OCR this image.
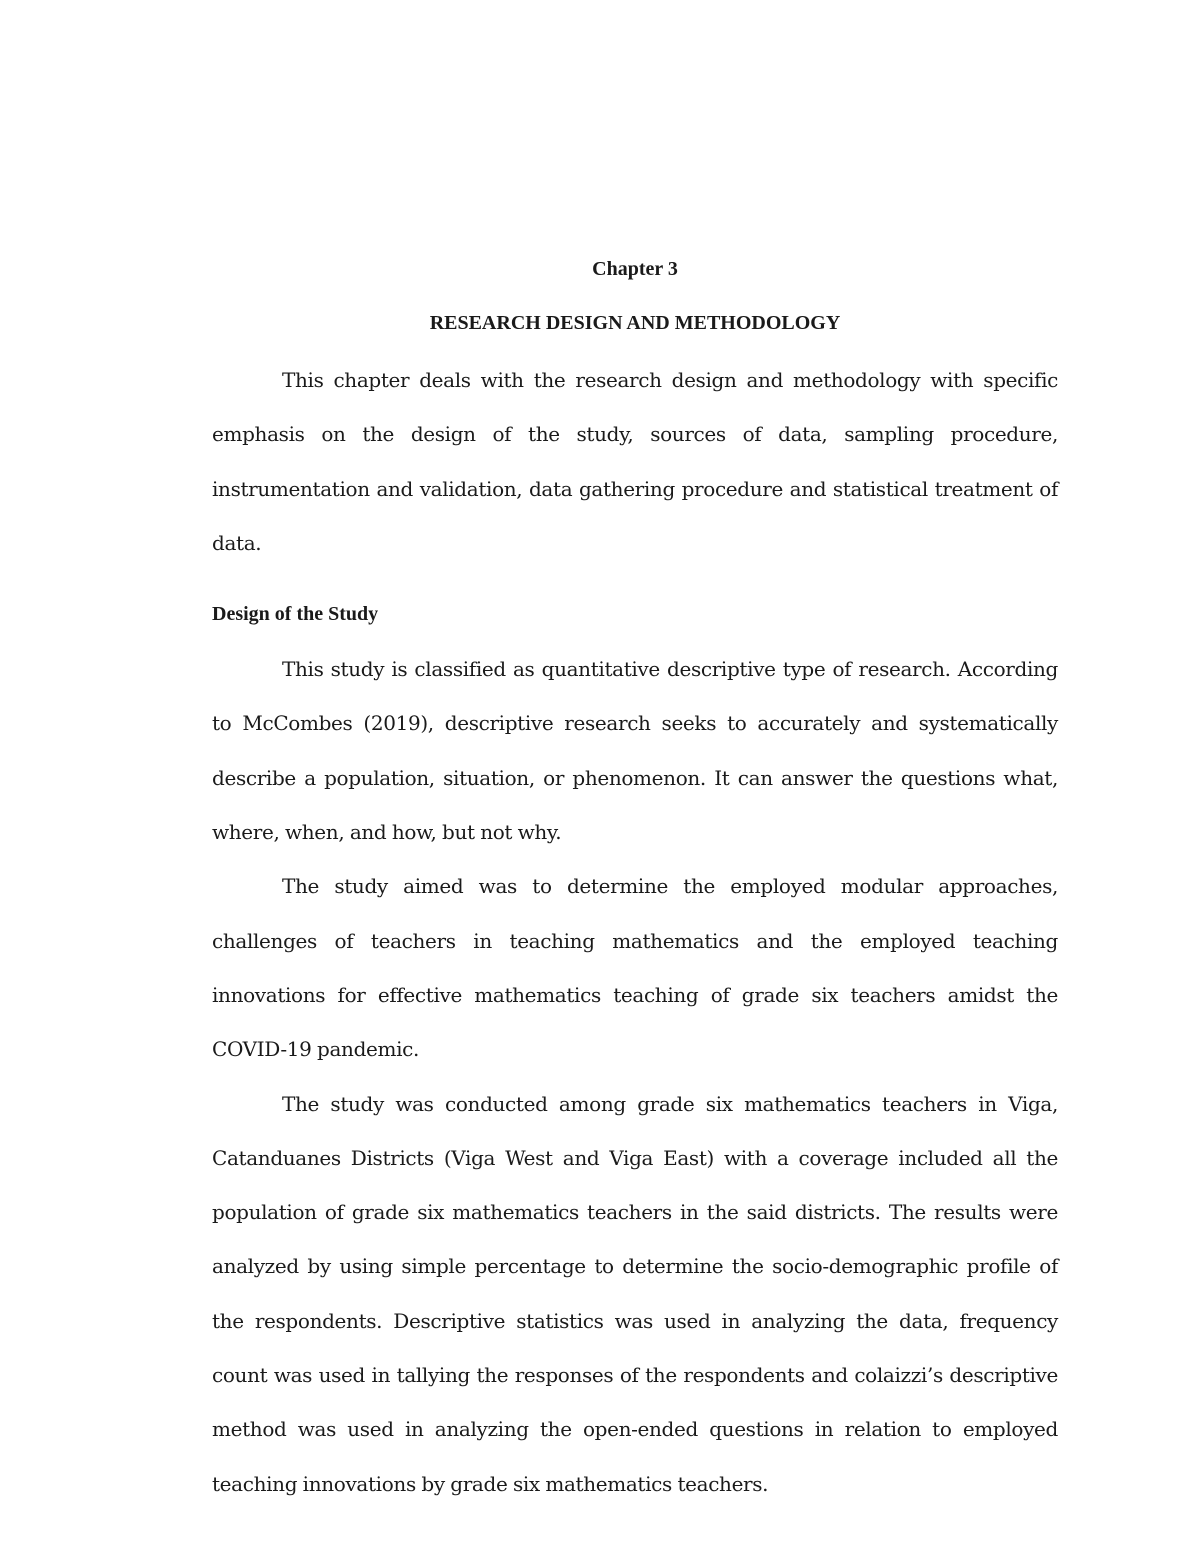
Chapter 3
RESEARCH DESIGN AND METHODOLOGY

This chapter deals with the research design and methodology with specific emphasis on the design of the study, sources of data, sampling procedure, instrumentation and validation, data gathering procedure and statistical treatment of data.

Design of the Study

This study is classified as quantitative descriptive type of research. According to McCombes (2019), descriptive research seeks to accurately and systematically describe a population, situation, or phenomenon. It can answer the questions what, where, when, and how, but not why.

The study aimed was to determine the employed modular approaches, challenges of teachers in teaching mathematics and the employed teaching innovations for effective mathematics teaching of grade six teachers amidst the COVID-19 pandemic.

The study was conducted among grade six mathematics teachers in Viga, Catanduanes Districts (Viga West and Viga East) with a coverage included all the population of grade six mathematics teachers in the said districts. The results were analyzed by using simple percentage to determine the socio-demographic profile of the respondents. Descriptive statistics was used in analyzing the data, frequency count was used in tallying the responses of the respondents and colaizzi’s descriptive method was used in analyzing the open-ended questions in relation to employed teaching innovations by grade six mathematics teachers.
